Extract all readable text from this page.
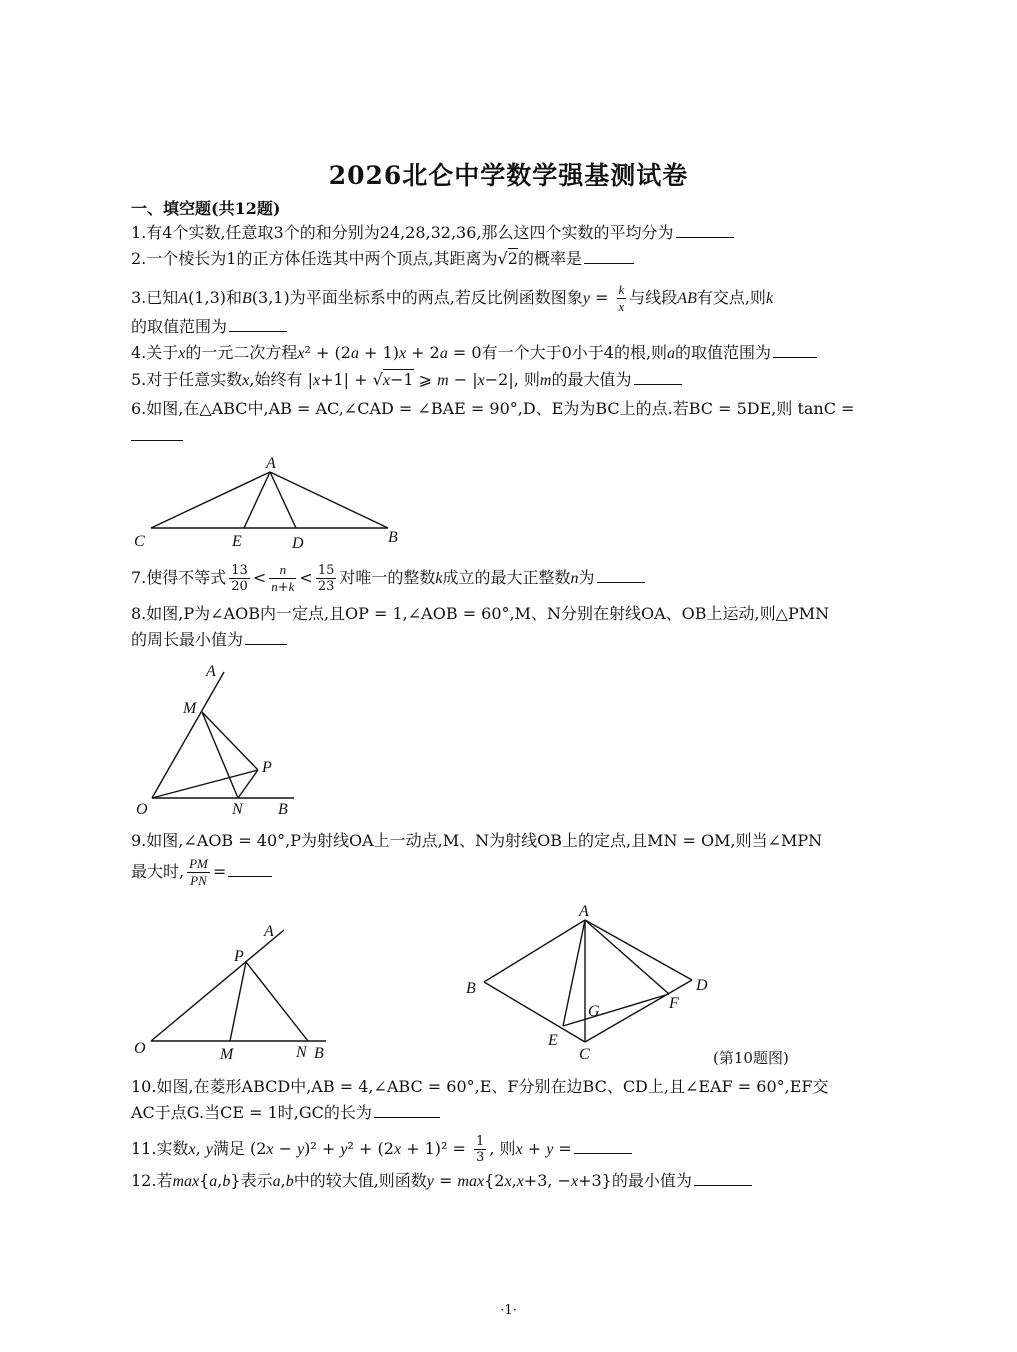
2026北仑中学数学强基测试卷
一、填空题(共12题)
1.有4个实数,任意取3个的和分别为24,28,32,36,那么这四个实数的平均分为
2.一个棱长为1的正方体任选其中两个顶点,其距离为√2的概率是
3.已知A(1,3)和B(3,1)为平面坐标系中的两点,若反比例函数图象$y = \frac{k}{x}$ 与线段AB有交点,则k
的取值范围为
4.关于x的一元二次方程x² + (2a + 1)x + 2a = 0有一个大于0小于4的根,则a的取值范围为
5.对于任意实数x,始终有 |x+1| + √x−1 ⩾ m − |x−2|, 则m的最大值为
6.如图,在△ABC中,AB = AC,∠CAD = ∠BAE = 90°,D、E为为BC上的点.若BC = 5DE,则 tanC =
A
C	E	D	B
7.使得不等式 $\frac{13}{20} < \frac{n}{n+k} < \frac{15}{23}$ 对唯一的整数k成立的最大正整数n为
8.如图,P为∠AOB内一定点,且OP = 1,∠AOB = 60°,M、N分别在射线OA、OB上运动,则△PMN
的周长最小值为
A
M
P
O	N B
9.如图,∠AOB = 40°,P为射线OA上一动点,M、N为射线OB上的定点,且MN = OM,则当∠MPN
最大时, $\frac{PM}{PN}$ =
A
P
O	M	N B
A
B	D
G	F
E
C	(第10题图)
10.如图,在菱形ABCD中,AB = 4,∠ABC = 60°,E、F分别在边BC、CD上,且∠EAF = 60°,EF交
AC于点G.当CE = 1时,GC的长为
11.实数x, y满足 $(2x - y)^2 + y^2 + (2x + 1)^2 = \frac{1}{3}$ , 则x + y =
12.若max{a,b}表示a,b中的较大值,则函数y = max{2x,x+3, −x+3}的最小值为
·1·
